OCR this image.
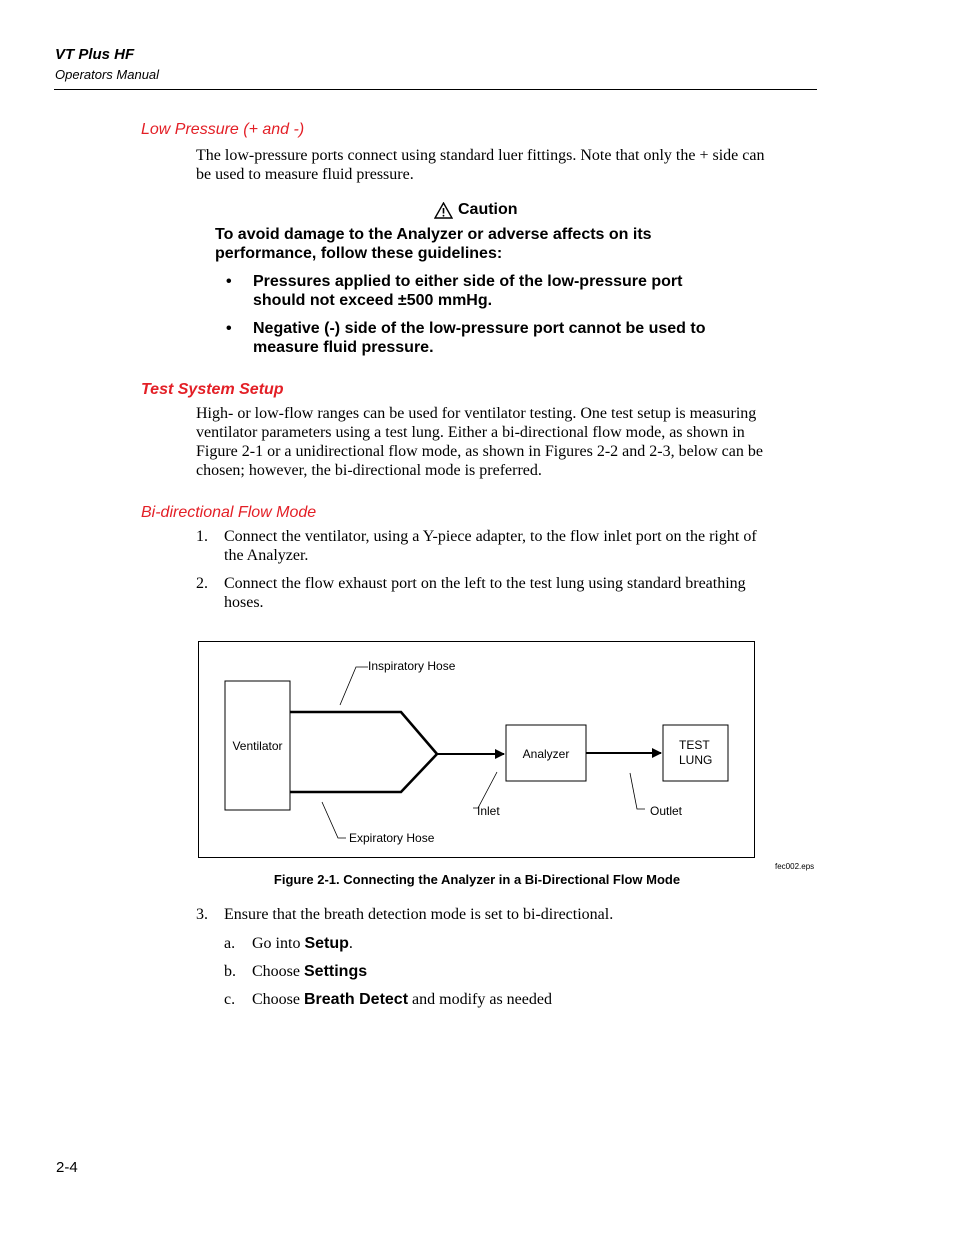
VT Plus HF
Operators Manual
Low Pressure (+ and -)
The low-pressure ports connect using standard luer fittings. Note that only the + side can
be used to measure fluid pressure.
Caution
To avoid damage to the Analyzer or adverse affects on its
performance, follow these guidelines:
• Pressures applied to either side of the low-pressure port
should not exceed ±500 mmHg.
• Negative (-) side of the low-pressure port cannot be used to
measure fluid pressure.
Test System Setup
High- or low-flow ranges can be used for ventilator testing. One test setup is measuring
ventilator parameters using a test lung. Either a bi-directional flow mode, as shown in
Figure 2-1 or a unidirectional flow mode, as shown in Figures 2-2 and 2-3, below can be
chosen; however, the bi-directional mode is preferred.
Bi-directional Flow Mode
1. Connect the ventilator, using a Y-piece adapter, to the flow inlet port on the right of
the Analyzer.
2. Connect the flow exhaust port on the left to the test lung using standard breathing
hoses.
Inspiratory Hose
Expiratory Hose
Ventilator
Analyzer
TEST
LUNG
Inlet	Outlet
fec002.eps
Figure 2-1. Connecting the Analyzer in a Bi-Directional Flow Mode
3. Ensure that the breath detection mode is set to bi-directional.
a. Go into Setup.
b. Choose Settings
c. Choose Breath Detect and modify as needed
2-4
